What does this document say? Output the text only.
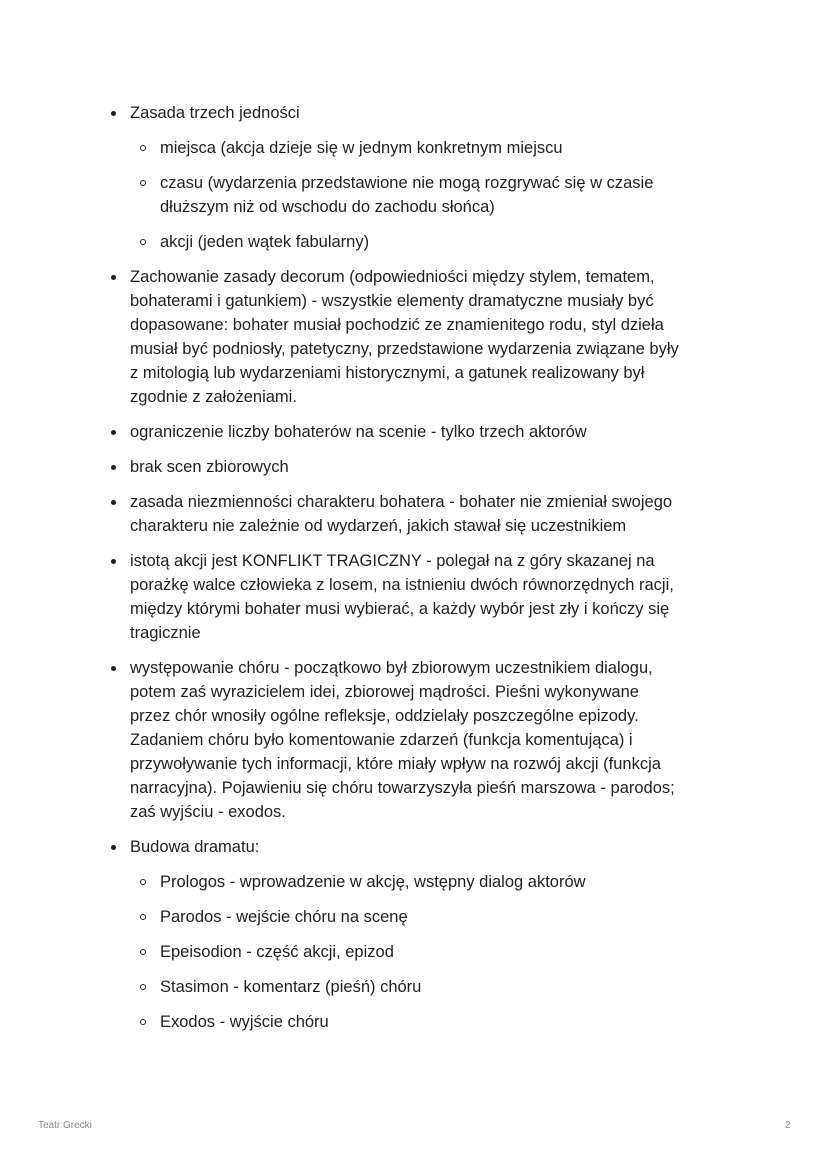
Zasada trzech jedności
miejsca (akcja dzieje się w jednym konkretnym miejscu
czasu (wydarzenia przedstawione nie mogą rozgrywać się w czasie
dłuższym niż od wschodu do zachodu słońca)
akcji (jeden wątek fabularny)
Zachowanie zasady decorum (odpowiedniości między stylem, tematem,
bohaterami i gatunkiem) - wszystkie elementy dramatyczne musiały być
dopasowane: bohater musiał pochodzić ze znamienitego rodu, styl dzieła
musiał być podniosły, patetyczny, przedstawione wydarzenia związane były
z mitologią lub wydarzeniami historycznymi, a gatunek realizowany był
zgodnie z założeniami.
ograniczenie liczby bohaterów na scenie - tylko trzech aktorów
brak scen zbiorowych
zasada niezmienności charakteru bohatera - bohater nie zmieniał swojego
charakteru nie zależnie od wydarzeń, jakich stawał się uczestnikiem
istotą akcji jest KONFLIKT TRAGICZNY - polegał na z góry skazanej na
porażkę walce człowieka z losem, na istnieniu dwóch równorzędnych racji,
między którymi bohater musi wybierać, a każdy wybór jest zły i kończy się
tragicznie
występowanie chóru - początkowo był zbiorowym uczestnikiem dialogu,
potem zaś wyrazicielem idei, zbiorowej mądrości. Pieśni wykonywane
przez chór wnosiły ogólne refleksje, oddzielały poszczególne epizody.
Zadaniem chóru było komentowanie zdarzeń (funkcja komentująca) i
przywoływanie tych informacji, które miały wpływ na rozwój akcji (funkcja
narracyjna). Pojawieniu się chóru towarzyszyła pieśń marszowa - parodos;
zaś wyjściu - exodos.
Budowa dramatu:
Prologos - wprowadzenie w akcję, wstępny dialog aktorów
Parodos - wejście chóru na scenę
Epeisodion - część akcji, epizod
Stasimon - komentarz (pieśń) chóru
Exodos - wyjście chóru
Teatr Grecki	2
